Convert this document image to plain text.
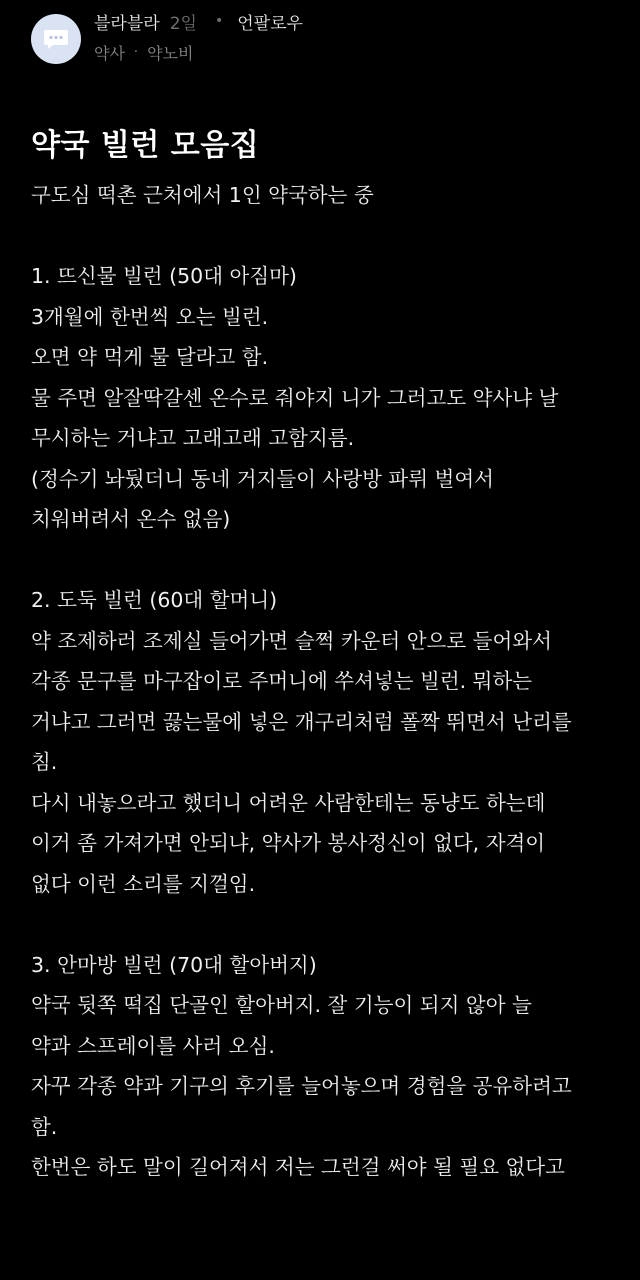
블라블라 2일 • 언팔로우
약사 · 약노비
약국 빌런 모음집
구도심 떡촌 근처에서 1인 약국하는 중
1. 뜨신물 빌런 (50대 아짐마)
3개월에 한번씩 오는 빌런.
오면 약 먹게 물 달라고 함.
물 주면 알잘딱갈센 온수로 줘야지 니가 그러고도 약사냐 날
무시하는 거냐고 고래고래 고함지름.
(정수기 놔뒀더니 동네 거지들이 사랑방 파뤼 벌여서
치워버려서 온수 없음)
2. 도둑 빌런 (60대 할머니)
약 조제하러 조제실 들어가면 슬쩍 카운터 안으로 들어와서
각종 문구를 마구잡이로 주머니에 쑤셔넣는 빌런. 뭐하는
거냐고 그러면 끓는물에 넣은 개구리처럼 폴짝 뛰면서 난리를
침.
다시 내놓으라고 했더니 어려운 사람한테는 동냥도 하는데
이거 좀 가져가면 안되냐, 약사가 봉사정신이 없다, 자격이
없다 이런 소리를 지껄임.
3. 안마방 빌런 (70대 할아버지)
약국 뒷쪽 떡집 단골인 할아버지. 잘 기능이 되지 않아 늘
약과 스프레이를 사러 오심.
자꾸 각종 약과 기구의 후기를 늘어놓으며 경험을 공유하려고
함.
한번은 하도 말이 길어져서 저는 그런걸 써야 될 필요 없다고
